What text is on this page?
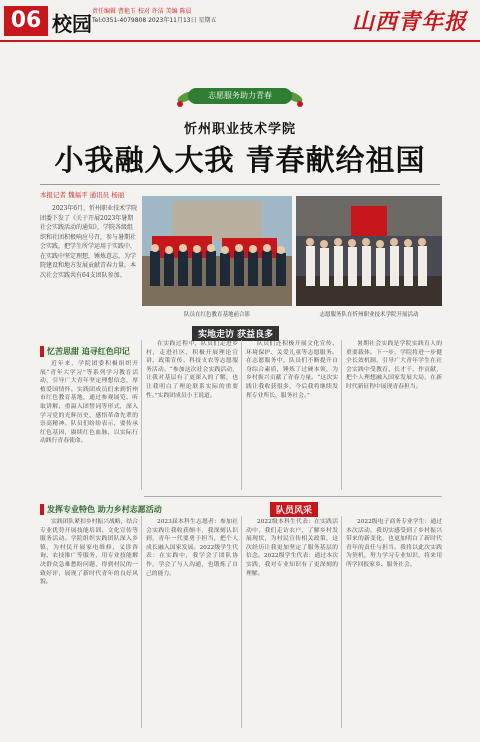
06 校园
责任编辑 曹艳玉 校对 许洁 美编 陈晨
Tel:0351-4079808 2023年11月13日 星期五	山西青年报
志愿服务助力青春
忻州职业技术学院
小我融入大我 青春献给祖国
本报记者 魏福平 通讯员 杨丽
2023年6月，忻州职业技术学院团委下发了《关于开展2023年暑期社会实践活动的通知》，学院各级组织和社团积极响应号召，参与暑期社会实践，把学生所学运用于实践中，在实践中坚定理想，锤炼意志，为学院建设和地方发展贡献青春力量。本次社会实践共有64支团队参加。
队员在红色教育基地前合影	志愿服务队在忻州职业技术学院开展活动
实地走访 获益良多
忆苦思甜 追寻红色印记
近年来，学院团委积极组织开展“青年大学习”等系列学习教育活动，引导广大青年坚定理想信念，厚植爱国情怀。实践团成员们来到忻州市红色教育基地，通过参观展览、听取讲解、重温入团誓词等形式，深入学习党的光辉历史，感悟革命先辈的崇高精神。队员们纷纷表示，要传承红色基因，赓续红色血脉，以实际行动践行青春使命。
在实践过程中，队员们走进乡村，走进社区，积极开展理论宣讲、政策宣传、科技支农等志愿服务活动。“参加这次社会实践活动，让我对基层有了更深入的了解，也让我明白了理论联系实际的重要性。”实践团成员小王说道。
队员们还积极开展文化宣传、环境保护、关爱儿童等志愿服务。在志愿服务中，队员们不断提升自身综合素质，锤炼了过硬本领，为乡村振兴贡献了青春力量。“这次实践让我收获很多，今后我将继续发挥专业所长，服务社会。”
暑期社会实践是学院实践育人的重要载体。下一步，学院将进一步健全长效机制，引导广大青年学生在社会实践中受教育、长才干、作贡献，把个人理想融入国家发展大局，在新时代新征程中展现青春担当。
队员风采
发挥专业特色 助力乡村志愿活动
实践团队紧扣乡村振兴战略，结合专业优势开展技能培训、文化宣传等服务活动。学院组织实践团队深入乡镇，为村民开展家电维修、义诊咨询、农技推广等服务，用专业技能解决群众急难愁盼问题，得到村民的一致好评，展现了新时代青年的良好风貌。
2023届本科生志愿者：参加社会实践让我收获颇丰，我深刻认识到，青年一代要勇于担当，把个人成长融入国家发展。2022级学生代表：在实践中，我学会了团队协作，学会了与人沟通，也锻炼了自己的能力。
2022级本科生代表：在实践活动中，我们走访农户，了解乡村发展现状，为村民宣传相关政策，这次经历让我更加坚定了服务基层的信念。2022级学生代表：通过本次实践，我对专业知识有了更深刻的理解。
2022级电子商务专业学生：通过本次活动，我切实感受到了乡村振兴带来的新变化，也更加明白了新时代青年的责任与担当。我将以此次实践为契机，努力学习专业知识，将来用所学回报家乡、服务社会。
